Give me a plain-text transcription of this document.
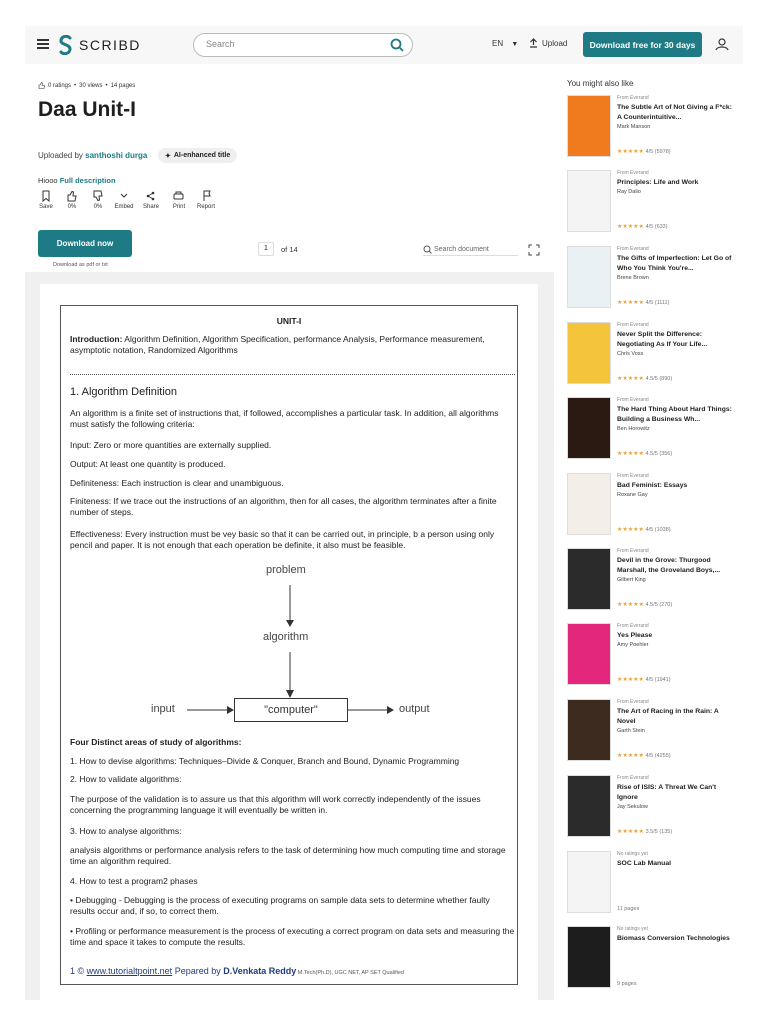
SCRIBD	Search	EN ▼	Upload	Download free for 30 days
0 ratings • 30 views • 14 pages
Daa Unit-I
Uploaded by santhoshi durga	✦ AI-enhanced title
Hiooo Full description
Save	0%	0%	Embed	Share	Print	Report
Download now
Download as pdf or txt
1	of 14	Search document
UNIT-I
Introduction: Algorithm Definition, Algorithm Specification, performance Analysis, Performance measurement, asymptotic notation, Randomized Algorithms
1. Algorithm Definition
An algorithm is a finite set of instructions that, if followed, accomplishes a particular task. In addition, all algorithms must satisfy the following criteria:
Input: Zero or more quantities are externally supplied.
Output: At least one quantity is produced.
Definiteness: Each instruction is clear and unambiguous.
Finiteness: If we trace out the instructions of an algorithm, then for all cases, the algorithm terminates after a finite number of steps.
Effectiveness: Every instruction must be vey basic so that it can be carried out, in principle, b a person using only pencil and paper. It is not enough that each operation be definite, it also must be feasible.
problem
algorithm
input	"computer"	output
Four Distinct areas of study of algorithms:
1. How to devise algorithms: Techniques–Divide & Conquer, Branch and Bound, Dynamic Programming
2. How to validate algorithms:
The purpose of the validation is to assure us that this algorithm will work correctly independently of the issues concerning the programming language it will eventually be written in.
3. How to analyse algorithms:
analysis algorithms or performance analysis refers to the task of determining how much computing time and storage time an algorithm required.
4. How to test a program2 phases
• Debugging - Debugging is the process of executing programs on sample data sets to determine whether faulty results occur and, if so, to correct them.
• Profiling or performance measurement is the process of executing a correct program on data sets and measuring the time and space it takes to compute the results.
1 © www.tutorialtpoint.net Pepared by D.Venkata Reddy M.Tech(Ph.D), UGC NET, AP SET Qualified
You might also like
From Everand
The Subtle Art of Not Giving a F*ck: A Counterintuitive...
Mark Manson
★★★★★ 4/5 (5978)
From Everand
Principles: Life and Work
Ray Dalio
★★★★★ 4/5 (633)
From Everand
The Gifts of Imperfection: Let Go of Who You Think You're...
Brene Brown
★★★★★ 4/5 (1111)
From Everand
Never Split the Difference: Negotiating As If Your Life...
Chris Voss
★★★★★ 4.5/5 (890)
From Everand
The Hard Thing About Hard Things: Building a Business Wh...
Ben Horowitz
★★★★★ 4.5/5 (356)
From Everand
Bad Feminist: Essays
Roxane Gay
★★★★★ 4/5 (1038)
From Everand
Devil in the Grove: Thurgood Marshall, the Groveland Boys,...
Gilbert King
★★★★★ 4.5/5 (270)
From Everand
Yes Please
Amy Poehler
★★★★★ 4/5 (1941)
From Everand
The Art of Racing in the Rain: A Novel
Garth Stein
★★★★★ 4/5 (4255)
From Everand
Rise of ISIS: A Threat We Can't Ignore
Jay Sekulow
★★★★★ 3.5/5 (135)
No ratings yet
SOC Lab Manual
11 pages
No ratings yet
Biomass Conversion Technologies
9 pages
